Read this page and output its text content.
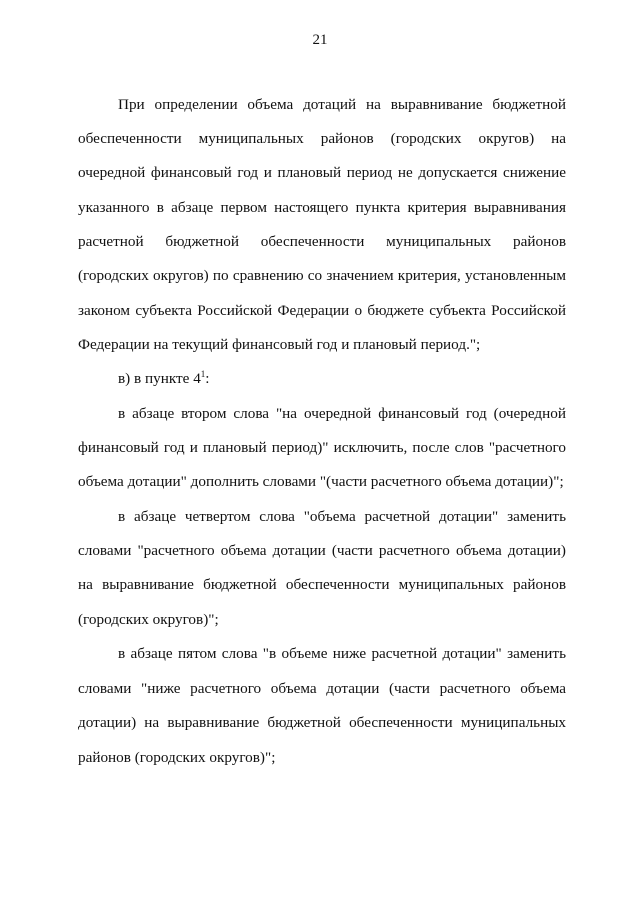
21
При определении объема дотаций на выравнивание бюджетной
обеспеченности муниципальных районов (городских округов) на
очередной финансовый год и плановый период не допускается снижение
указанного в абзаце первом настоящего пункта критерия выравнивания
расчетной бюджетной обеспеченности муниципальных районов
(городских округов) по сравнению со значением критерия, установленным
законом субъекта Российской Федерации о бюджете субъекта Российской
Федерации на текущий финансовый год и плановый период.";
в) в пункте $4^1$:
в абзаце втором слова "на очередной финансовый год (очередной
финансовый год и плановый период)" исключить, после слов "расчетного
объема дотации" дополнить словами "(части расчетного объема дотации)";
в абзаце четвертом слова "объема расчетной дотации" заменить
словами "расчетного объема дотации (части расчетного объема дотации)
на выравнивание бюджетной обеспеченности муниципальных районов
(городских округов)";
в абзаце пятом слова "в объеме ниже расчетной дотации" заменить
словами "ниже расчетного объема дотации (части расчетного объема
дотации) на выравнивание бюджетной обеспеченности муниципальных
районов (городских округов)";
